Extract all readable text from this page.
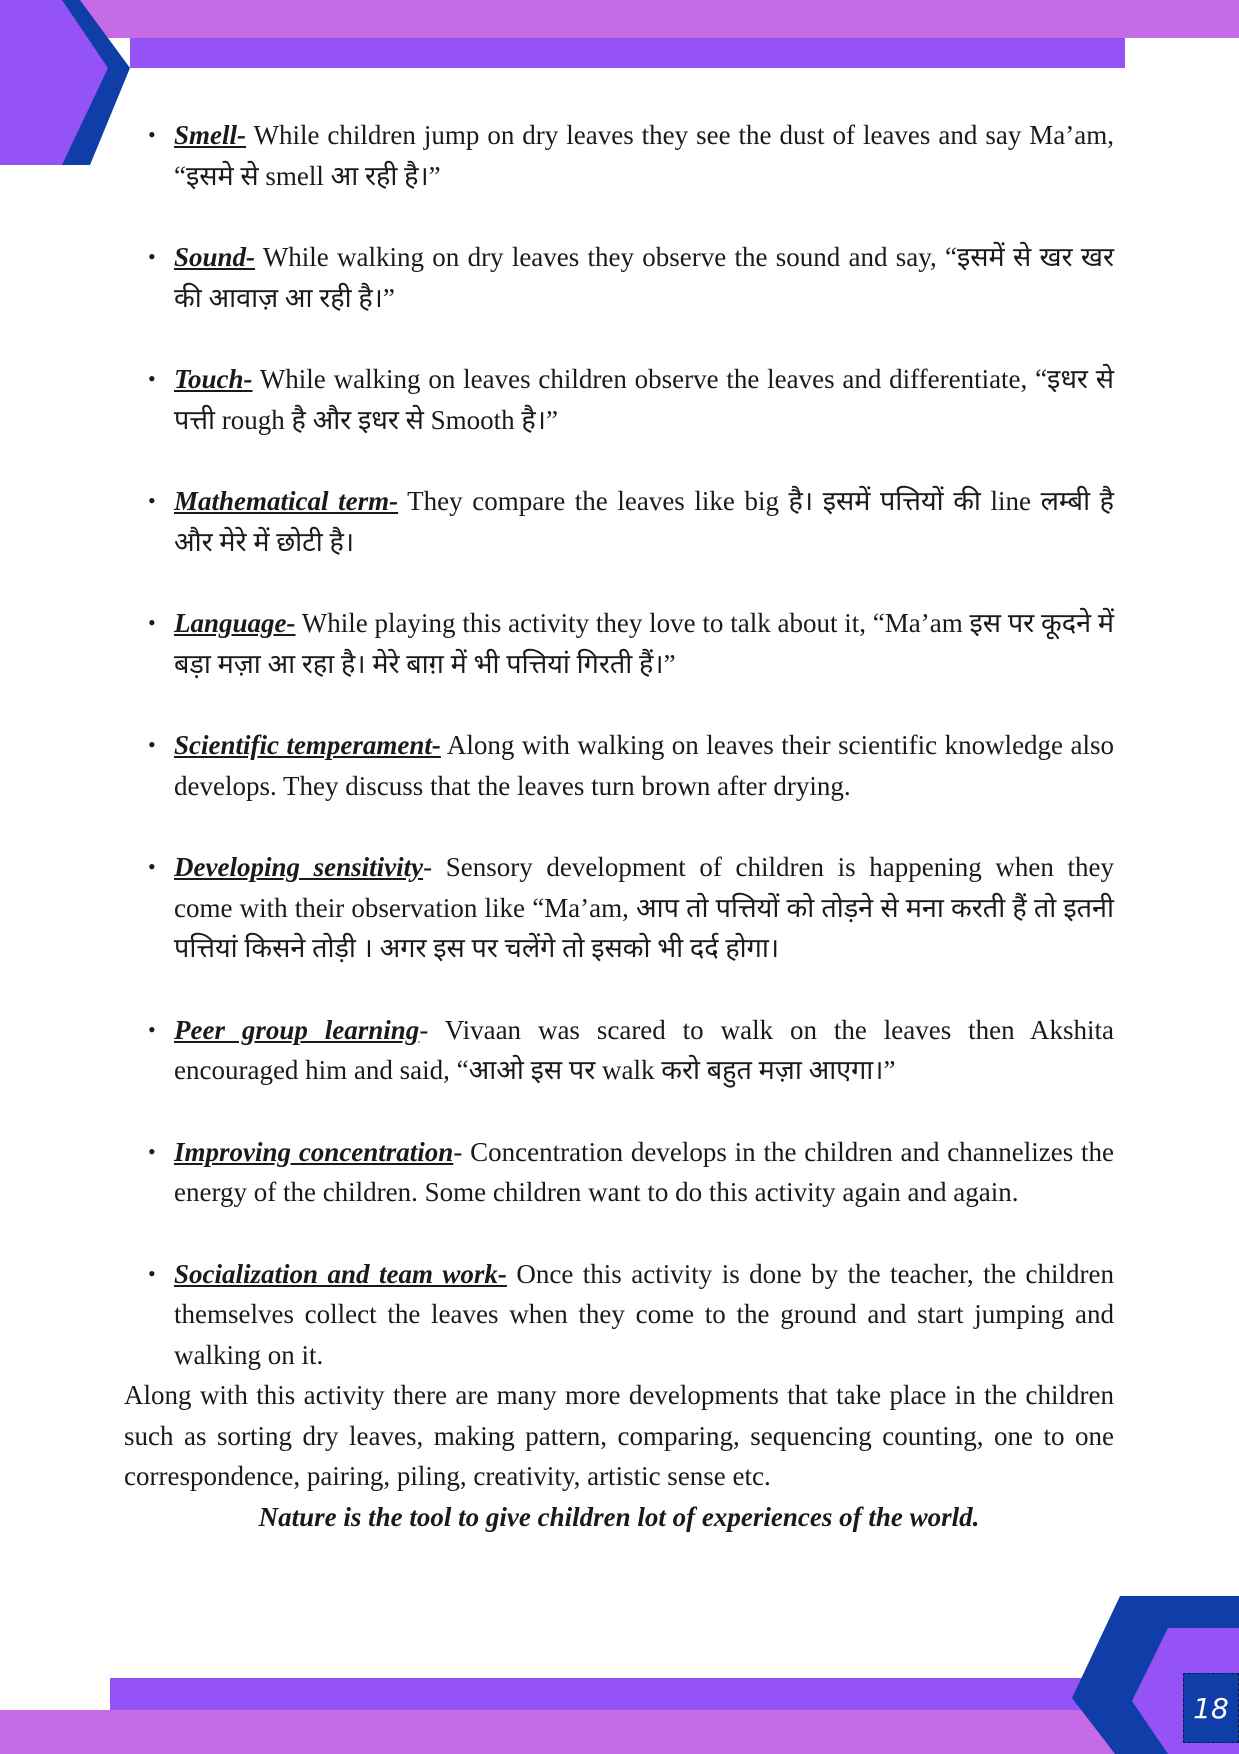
18
• Smell- While children jump on dry leaves they see the dust of leaves and say Ma’am, “इसमे से smell आ रही है।”
• Sound- While walking on dry leaves they observe the sound and say, “इसमें से खर खर की आवाज़ आ रही है।”
• Touch- While walking on leaves children observe the leaves and differentiate, “इधर से पत्ती rough है और इधर से Smooth है।”
• Mathematical term- They compare the leaves like big है। इसमें पत्तियों की line लम्बी है और मेरे में छोटी है।
• Language- While playing this activity they love to talk about it, “Ma’am इस पर कूदने में बड़ा मज़ा आ रहा है। मेरे बाग़ में भी पत्तियां गिरती हैं।”
• Scientific temperament- Along with walking on leaves their scientific knowledge also develops. They discuss that the leaves turn brown after drying.
• Developing sensitivity- Sensory development of children is happening when they come with their observation like “Ma’am, आप तो पत्तियों को तोड़ने से मना करती हैं तो इतनी पत्तियां किसने तोड़ी । अगर इस पर चलेंगे तो इसको भी दर्द होगा।
• Peer group learning- Vivaan was scared to walk on the leaves then Akshita encouraged him and said, “आओ इस पर walk करो बहुत मज़ा आएगा।”
• Improving concentration- Concentration develops in the children and channelizes the energy of the children. Some children want to do this activity again and again.
• Socialization and team work- Once this activity is done by the teacher, the children themselves collect the leaves when they come to the ground and start jumping and walking on it.

Along with this activity there are many more developments that take place in the children such as sorting dry leaves, making pattern, comparing, sequencing counting, one to one correspondence, pairing, piling, creativity, artistic sense etc.

Nature is the tool to give children lot of experiences of the world.
